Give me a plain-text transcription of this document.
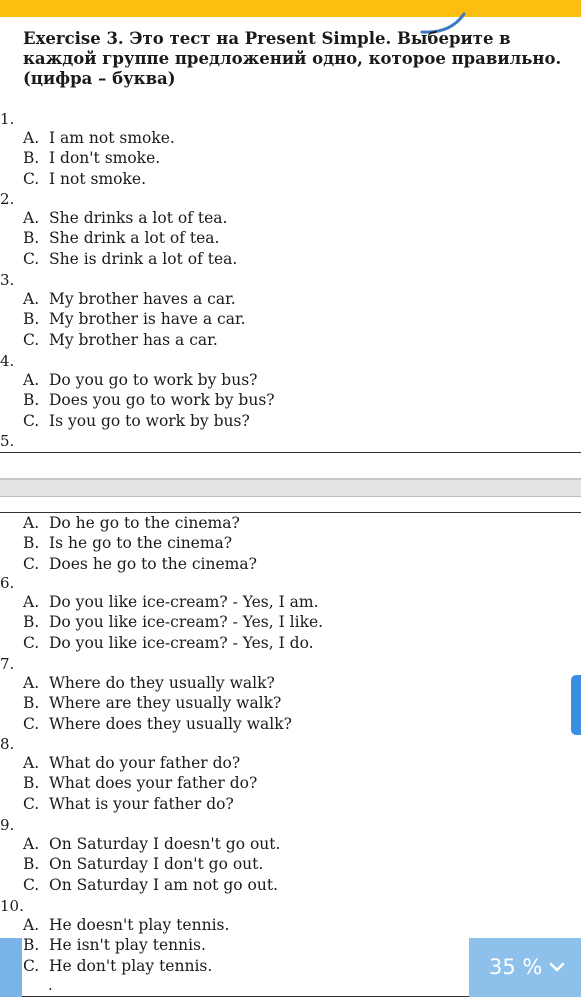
Exercise 3. Это тест на Present Simple. Выберите в каждой группе предложений одно, которое правильно. (цифра – буква)
1.
A. I am not smoke.
B. I don't smoke.
C. I not smoke.
2.
A. She drinks a lot of tea.
B. She drink a lot of tea.
C. She is drink a lot of tea.
3.
A. My brother haves a car.
B. My brother is have a car.
C. My brother has a car.
4.
A. Do you go to work by bus?
B. Does you go to work by bus?
C. Is you go to work by bus?
5.
A. Do he go to the cinema?
B. Is he go to the cinema?
C. Does he go to the cinema?
6.
A. Do you like ice-cream? - Yes, I am.
B. Do you like ice-cream? - Yes, I like.
C. Do you like ice-cream? - Yes, I do.
7.
A. Where do they usually walk?
B. Where are they usually walk?
C. Where does they usually walk?
8.
A. What do your father do?
B. What does your father do?
C. What is your father do?
9.
A. On Saturday I doesn't go out.
B. On Saturday I don't go out.
C. On Saturday I am not go out.
10.
A. He doesn't play tennis.
B. He isn't play tennis.
C. He don't play tennis.
.
35 %
